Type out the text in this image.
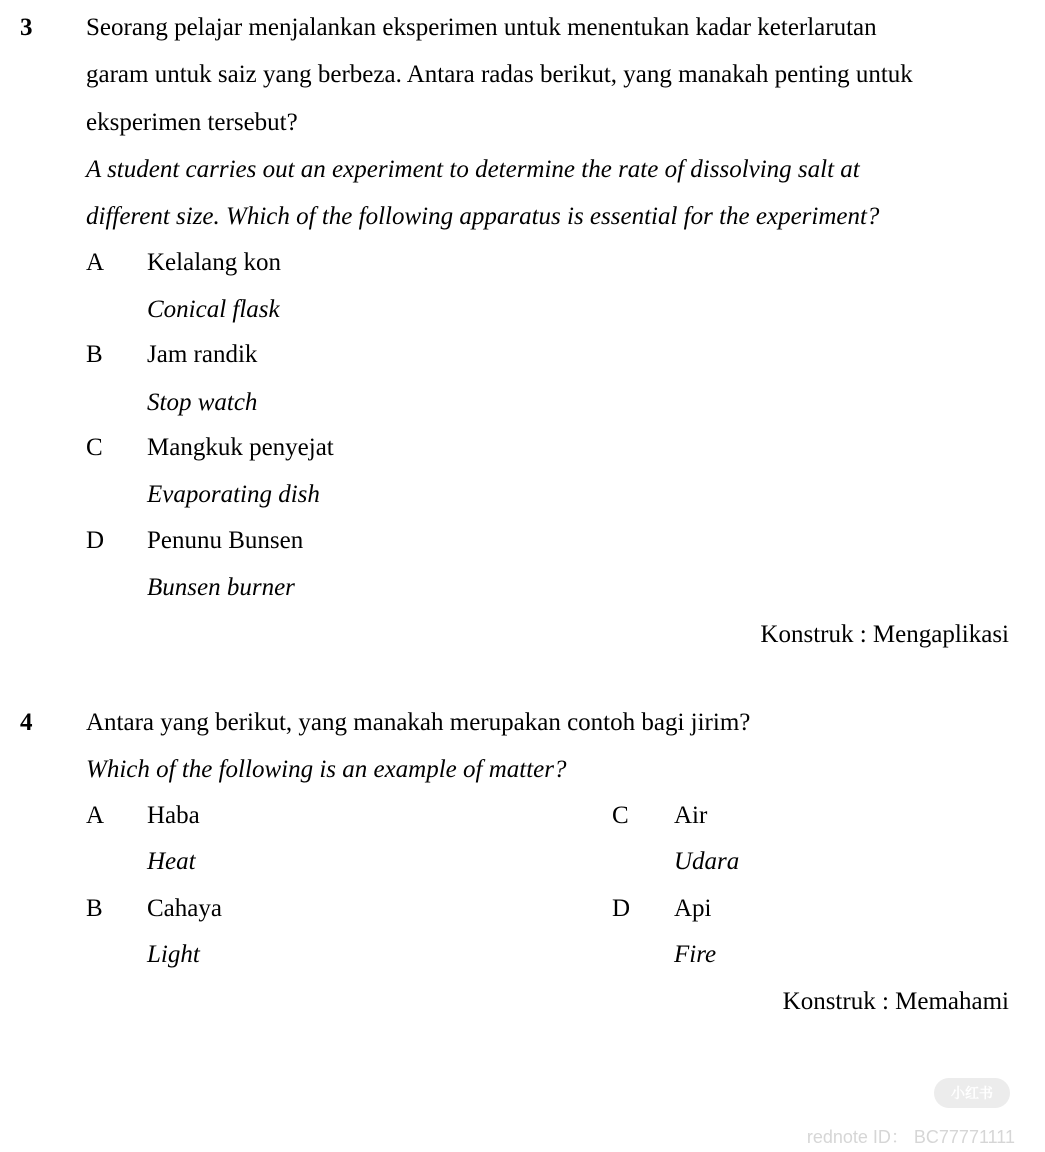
3 Seorang pelajar menjalankan eksperimen untuk menentukan kadar keterlarutan
garam untuk saiz yang berbeza. Antara radas berikut, yang manakah penting untuk
eksperimen tersebut?
A student carries out an experiment to determine the rate of dissolving salt at
different size. Which of the following apparatus is essential for the experiment?
A Kelalang kon
Conical flask
B Jam randik
Stop watch
C Mangkuk penyejat
Evaporating dish
D Penunu Bunsen
Bunsen burner
Konstruk : Mengaplikasi
4 Antara yang berikut, yang manakah merupakan contoh bagi jirim?
Which of the following is an example of matter?
A Haba
Heat
B Cahaya
Light
C Air
Udara
D Api
Fire
Konstruk : Memahami
小红书
rednote ID： BC77771111
